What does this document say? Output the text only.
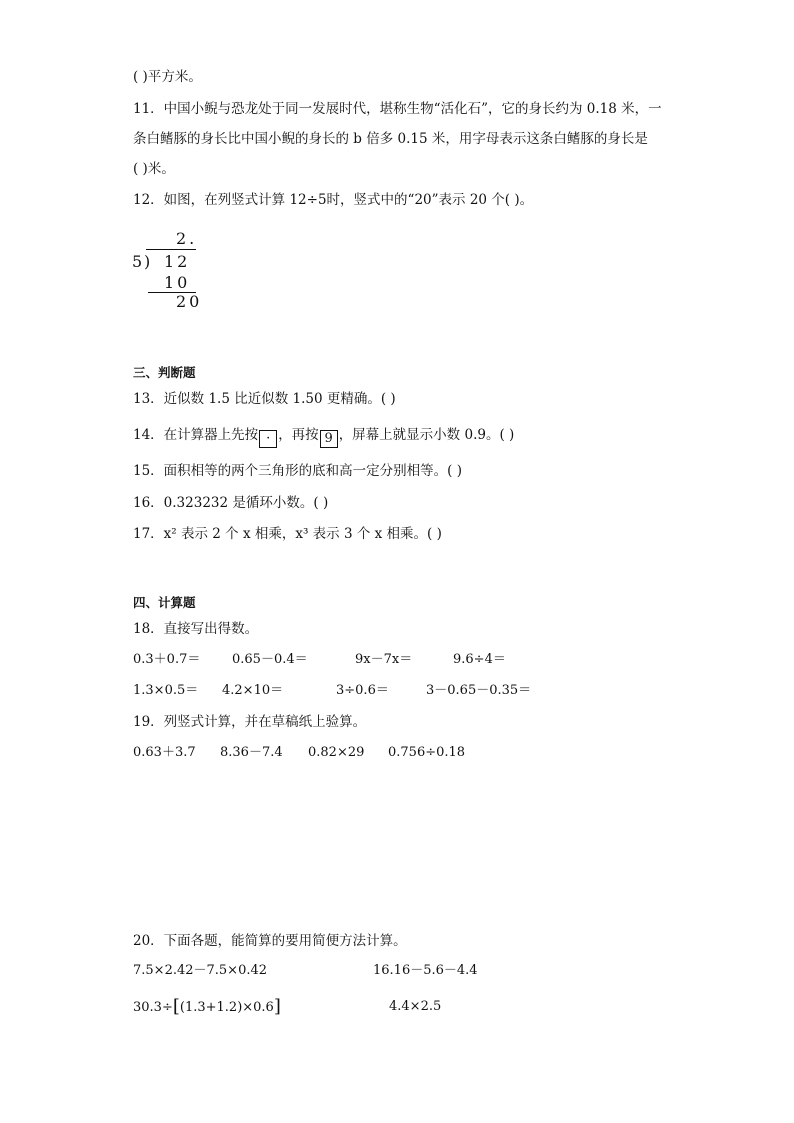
( )平方米。
11．中国小鲵与恐龙处于同一发展时代，堪称生物“活化石”，它的身长约为 0.18 米，一
条白鳍豚的身长比中国小鲵的身长的 b 倍多 0.15 米，用字母表示这条白鳍豚的身长是
( )米。
12．如图，在列竖式计算 12÷5时，竖式中的“20”表示 20 个( )。
2.
5
) 12
10
20
三、判断题
13．近似数 1.5 比近似数 1.50 更精确。( )
14．在计算器上先按 · ，再按 9 ，屏幕上就显示小数 0.9。( )
15．面积相等的两个三角形的底和高一定分别相等。( )
16．0.323232 是循环小数。( )
17．x² 表示 2 个 x 相乘，x³ 表示 3 个 x 相乘。( )
四、计算题
18．直接写出得数。
0.3＋0.7＝ 0.65－0.4＝	9x－7x＝	9.6÷4＝
1.3×0.5＝ 4.2×10＝	3÷0.6＝	3－0.65－0.35＝
19．列竖式计算，并在草稿纸上验算。
0.63＋3.7 8.36－7.4 0.82×29 0.756÷0.18
20．下面各题，能简算的要用简便方法计算。
7.5×2.42－7.5×0.42	16.16－5.6－4.4
30.3÷[(1.3+1.2)×0.6]	4.4×2.5
